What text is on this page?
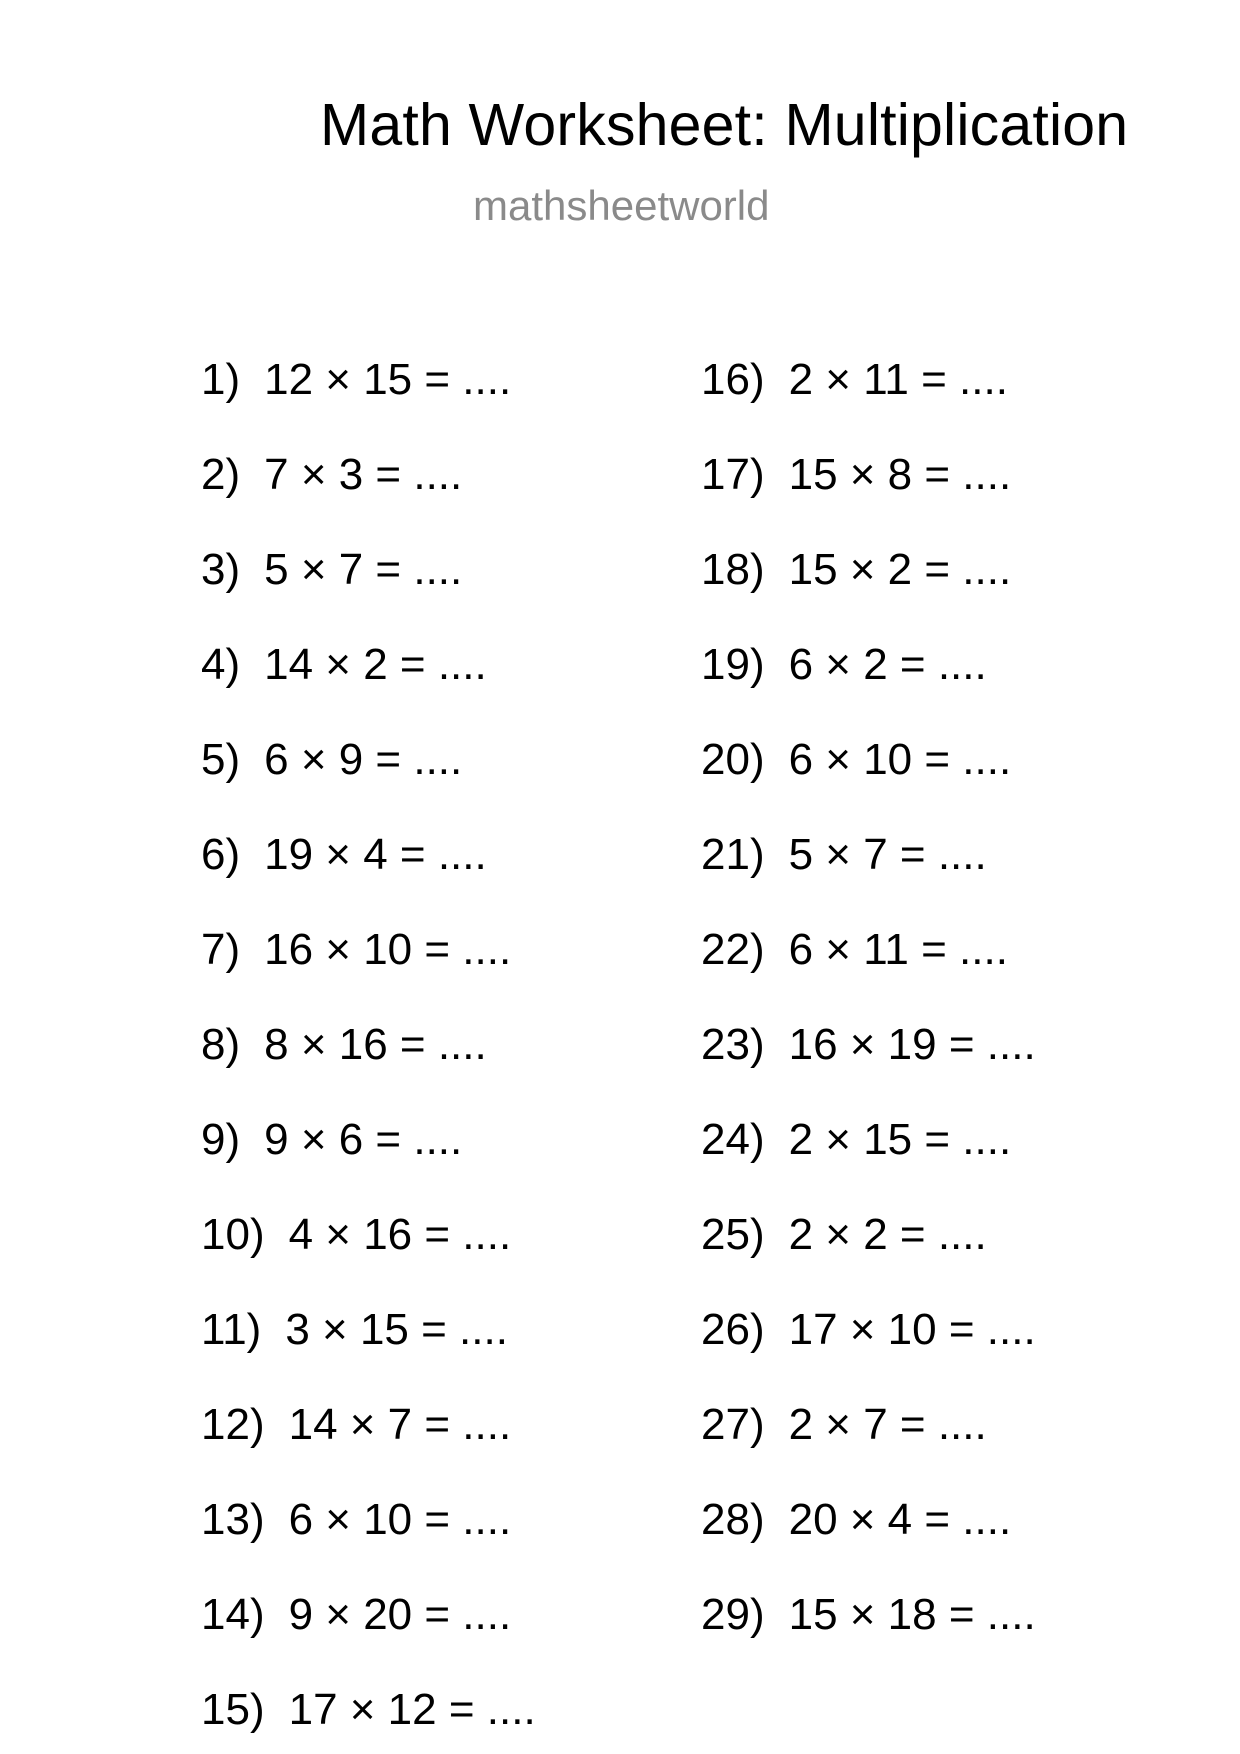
Math Worksheet: Multiplication
mathsheetworld
1) 12 × 15 = ....
2) 7 × 3 = ....
3) 5 × 7 = ....
4) 14 × 2 = ....
5) 6 × 9 = ....
6) 19 × 4 = ....
7) 16 × 10 = ....
8) 8 × 16 = ....
9) 9 × 6 = ....
10) 4 × 16 = ....
11) 3 × 15 = ....
12) 14 × 7 = ....
13) 6 × 10 = ....
14) 9 × 20 = ....
15) 17 × 12 = ....
16) 2 × 11 = ....
17) 15 × 8 = ....
18) 15 × 2 = ....
19) 6 × 2 = ....
20) 6 × 10 = ....
21) 5 × 7 = ....
22) 6 × 11 = ....
23) 16 × 19 = ....
24) 2 × 15 = ....
25) 2 × 2 = ....
26) 17 × 10 = ....
27) 2 × 7 = ....
28) 20 × 4 = ....
29) 15 × 18 = ....
